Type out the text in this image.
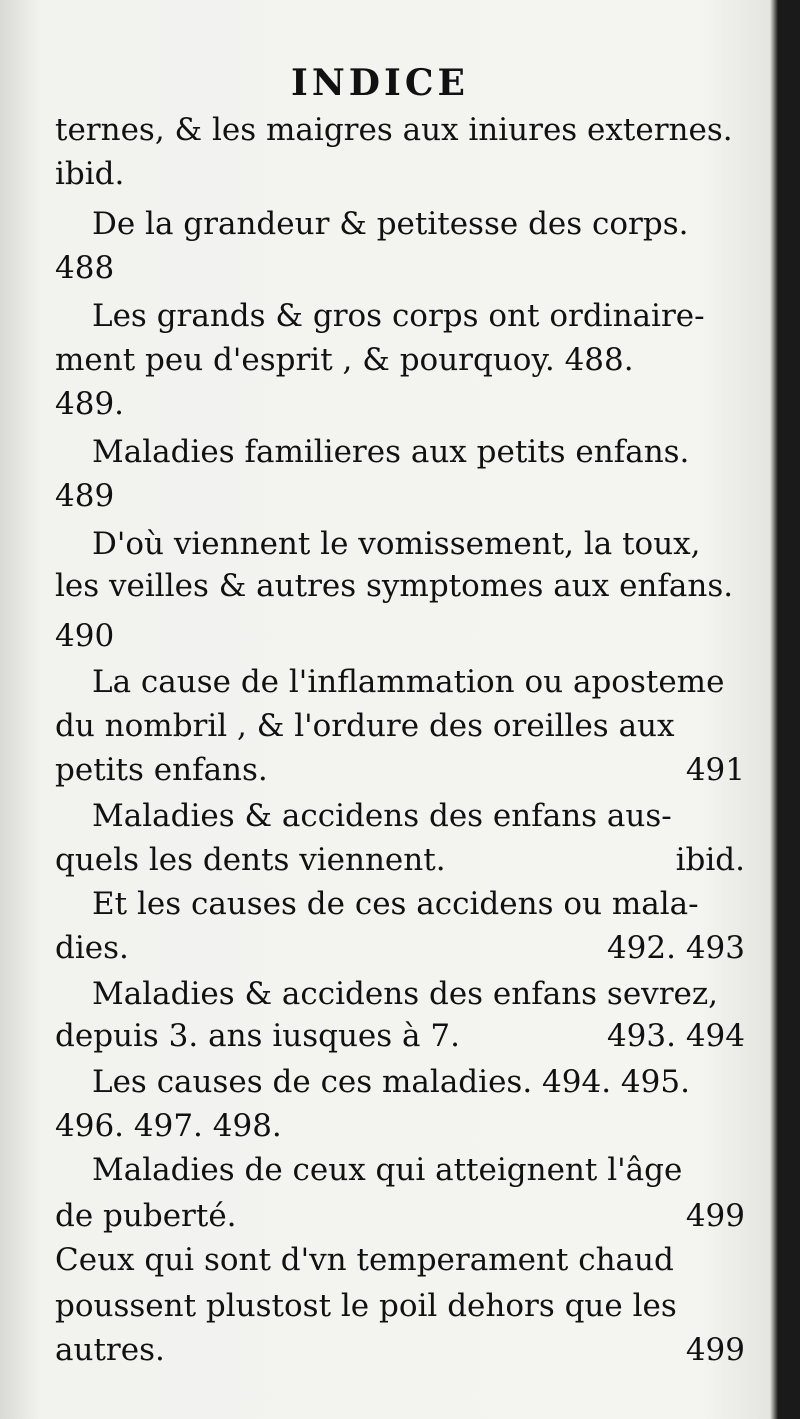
INDICE
ternes, & les maigres aux iniures externes.
ibid.
De la grandeur & petitesse des corps.
488
Les grands & gros corps ont ordinaire-
ment peu d'esprit , & pourquoy. 488.
489.
Maladies familieres aux petits enfans.
489
D'où viennent le vomissement, la toux,
les veilles & autres symptomes aux enfans.
490
La cause de l'inflammation ou aposteme
du nombril , & l'ordure des oreilles aux
petits enfans.	491
Maladies & accidens des enfans aus-
quels les dents viennent.	ibid.
Et les causes de ces accidens ou mala-
dies.	492. 493
Maladies & accidens des enfans sevrez,
depuis 3. ans iusques à 7.	493. 494
Les causes de ces maladies. 494. 495.
496. 497. 498.
Maladies de ceux qui atteignent l'âge
de puberté.	499
Ceux qui sont d'vn temperament chaud
poussent plustost le poil dehors que les
autres.	499
